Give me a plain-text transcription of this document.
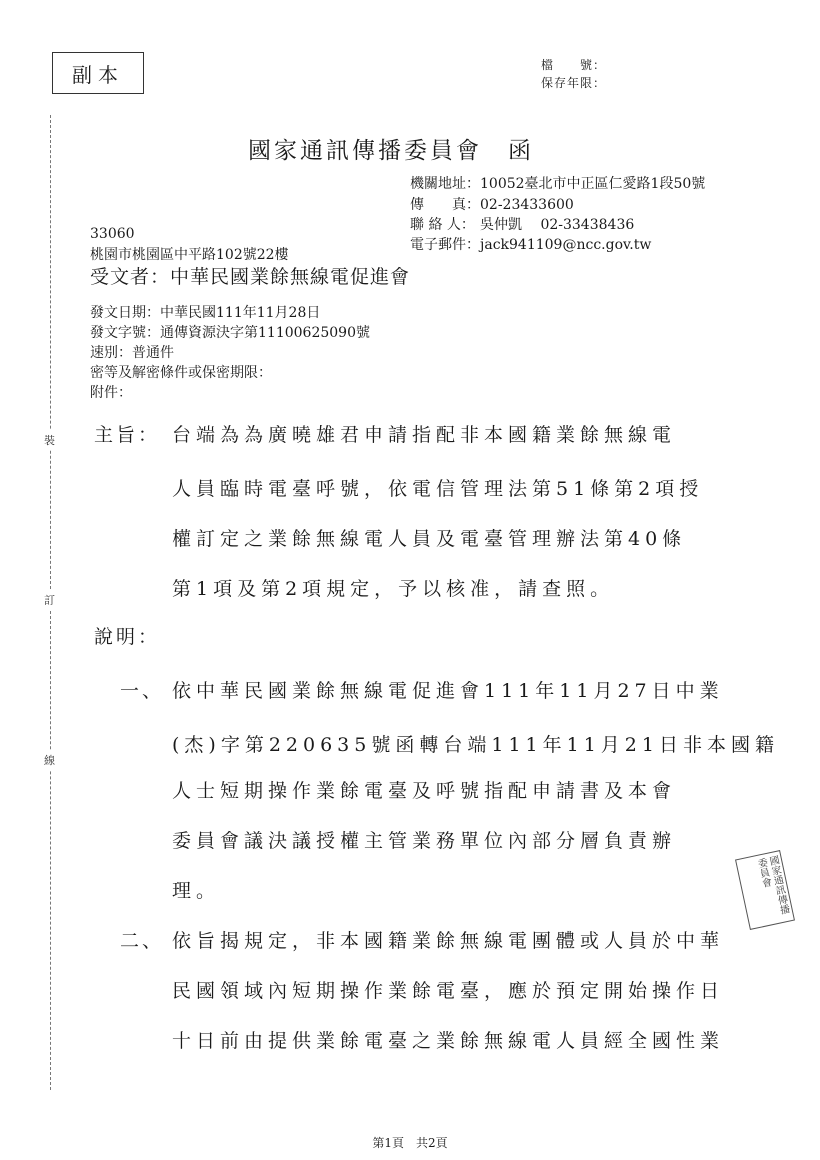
副本	檔　　號：
保存年限：
國家通訊傳播委員會　函
機關地址：10052臺北市中正區仁愛路1段50號
傳　　真：02-23433600
聯 絡 人： 吳仲凱　 02-33438436
電子郵件：jack941109@ncc.gov.tw
33060
桃園市桃園區中平路102號22樓
受文者：中華民國業餘無線電促進會
發文日期：中華民國111年11月28日
發文字號：通傳資源決字第11100625090號
速別：普通件
密等及解密條件或保密期限：
附件：
主旨： 台端為為廣曉雄君申請指配非本國籍業餘無線電
人員臨時電臺呼號，依電信管理法第51條第2項授
權訂定之業餘無線電人員及電臺管理辦法第40條
第1項及第2項規定，予以核准，請查照。
說明：
一、 依中華民國業餘無線電促進會111年11月27日中業
(杰)字第220635號函轉台端111年11月21日非本國籍
人士短期操作業餘電臺及呼號指配申請書及本會
委員會議決議授權主管業務單位內部分層負責辦
理。
二、 依旨揭規定，非本國籍業餘無線電團體或人員於中華
民國領域內短期操作業餘電臺，應於預定開始操作日
十日前由提供業餘電臺之業餘無線電人員經全國性業
裝
訂
線
國家通訊傳播委員會
第1頁　共2頁
